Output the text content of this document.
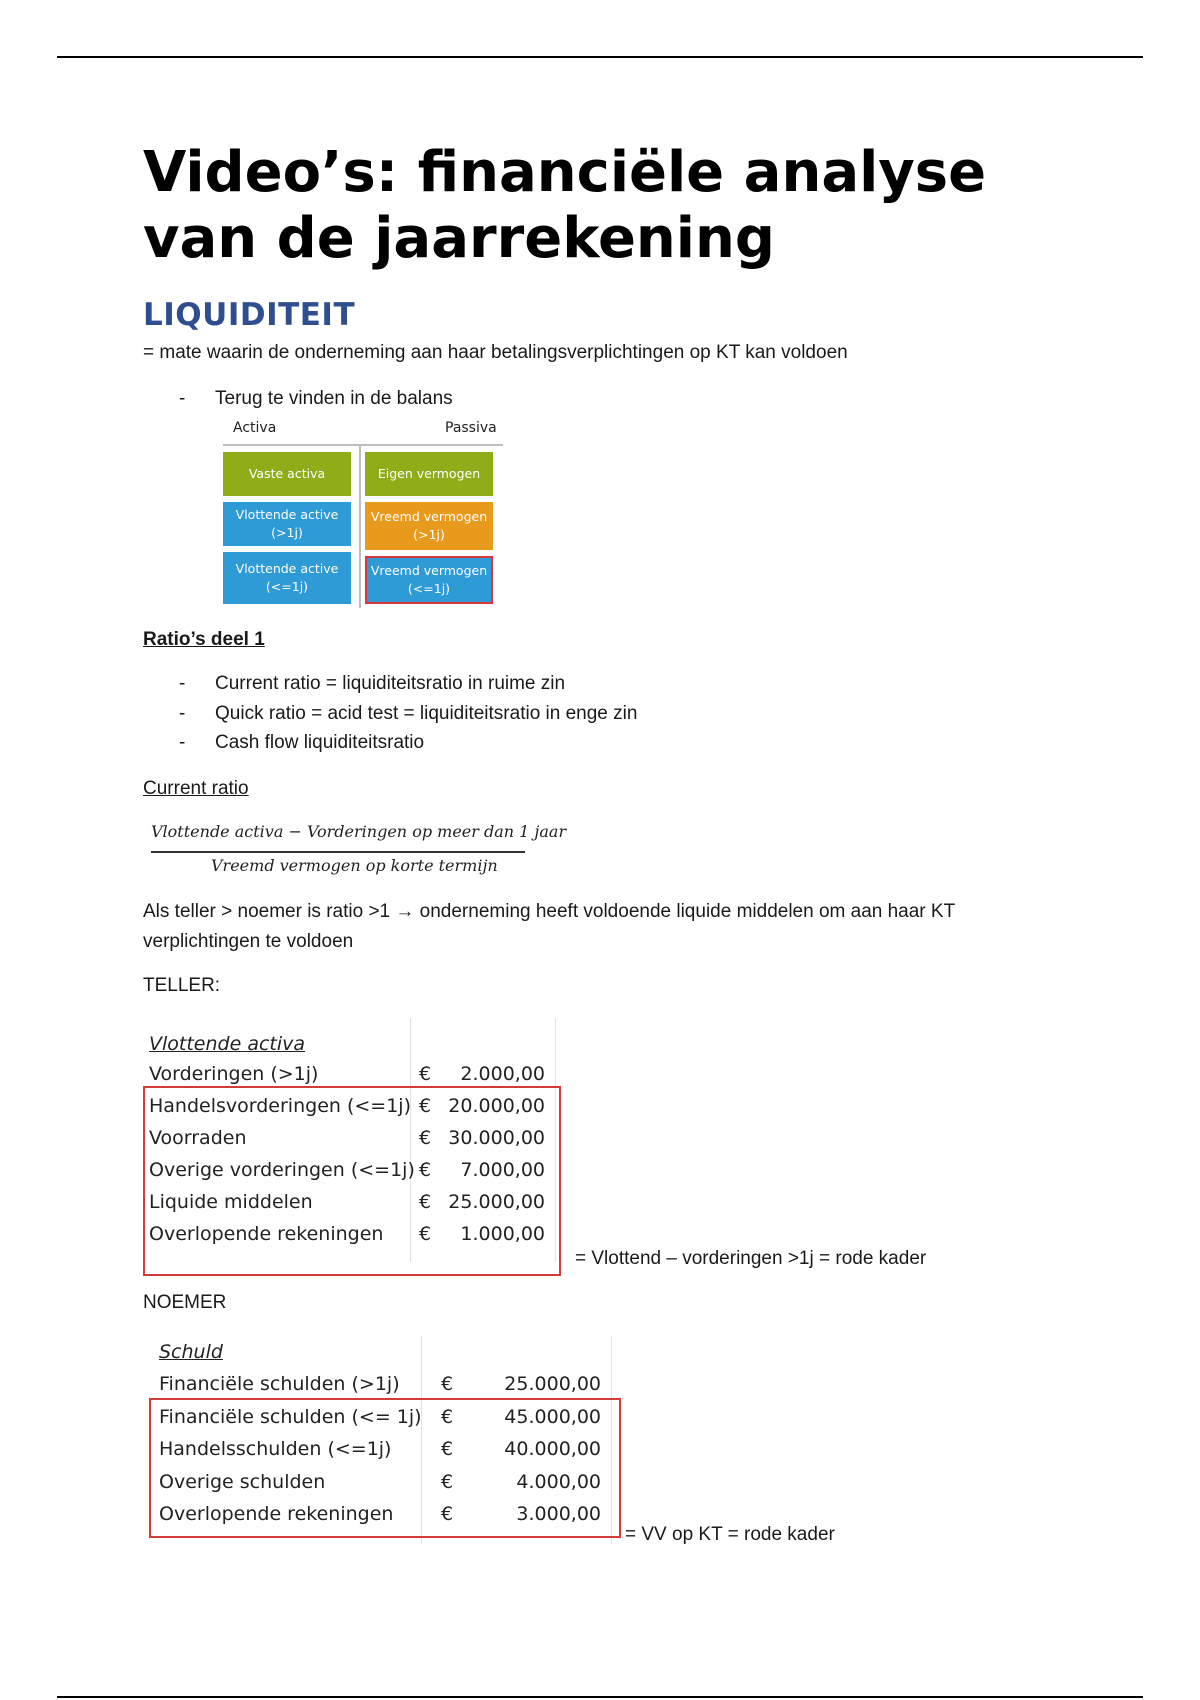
Video’s: financiële analyse van de jaarrekening
LIQUIDITEIT

= mate waarin de onderneming aan haar betalingsverplichtingen op KT kan voldoen

- Terug te vinden in de balans
Activa	Passiva
Vaste activa
Vlottende active (>1j)
Vlottende active (<=1j)
Eigen vermogen
Vreemd vermogen (>1j)
Vreemd vermogen (<=1j)

Ratio’s deel 1

- Current ratio = liquiditeitsratio in ruime zin
- Quick ratio = acid test = liquiditeitsratio in enge zin
- Cash flow liquiditeitsratio

Current ratio

Vlottende activa − Vorderingen op meer dan 1 jaar
Vreemd vermogen op korte termijn

Als teller > noemer is ratio >1 → onderneming heeft voldoende liquide middelen om aan haar KT

verplichtingen te voldoen

TELLER:

Vlottende activa
Vorderingen (>1j)	€	2.000,00
Handelsvorderingen (<=1j) € 20.000,00
Voorraden	€ 30.000,00
Overige vorderingen (<=1j) €	7.000,00
Liquide middelen	€ 25.000,00
Overlopende rekeningen €	1.000,00

= Vlottend – vorderingen >1j = rode kader

NOEMER

Schuld
Financiële schulden (>1j) €	25.000,00
Financiële schulden (<= 1j) €	45.000,00
Handelsschulden (<=1j)	€	40.000,00
Overige schulden	€	4.000,00
Overlopende rekeningen	€	3.000,00

= VV op KT = rode kader
